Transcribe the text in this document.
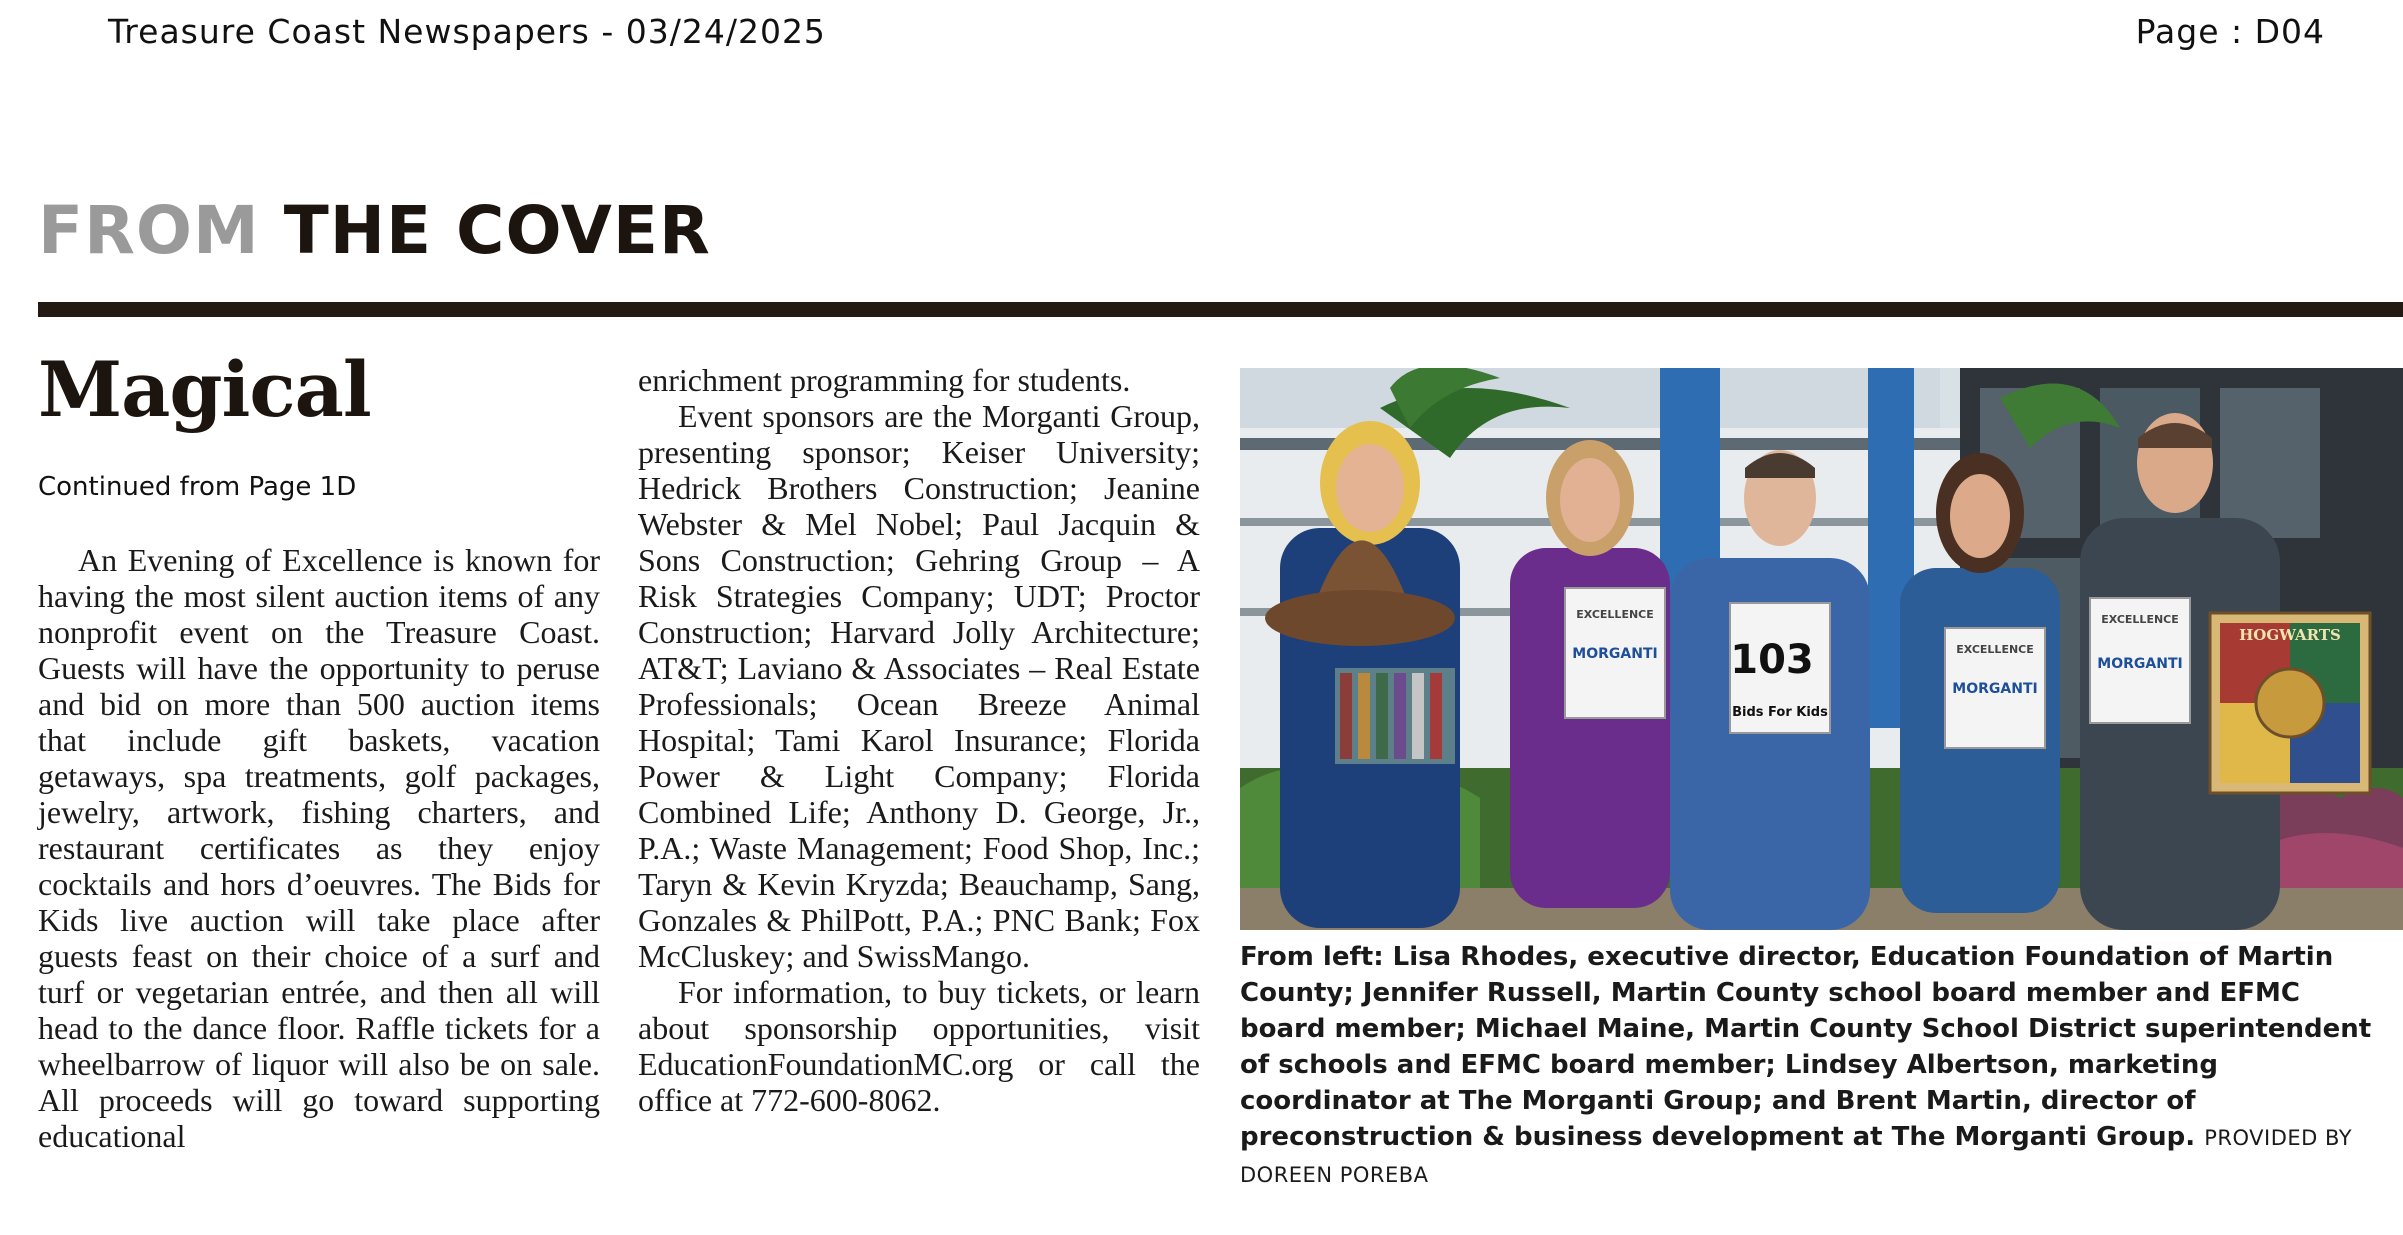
Treasure Coast Newspapers - 03/24/2025	Page : D04
FROM THE COVER
Magical
Continued from Page 1D

An Evening of Excellence is known for having the most silent auction items of any nonprofit event on the Treasure Coast. Guests will have the opportunity to peruse and bid on more than 500 auction items that include gift baskets, vacation getaways, spa treatments, golf packages, jewelry, artwork, fishing charters, and restaurant certificates as they enjoy cocktails and hors d’oeuvres. The Bids for Kids live auction will take place after guests feast on their choice of a surf and turf or vegetarian entrée, and then all will head to the dance floor. Raffle tickets for a wheelbarrow of liquor will also be on sale. All proceeds will go toward supporting educational

enrichment programming for students.

Event sponsors are the Morganti Group, presenting sponsor; Keiser University; Hedrick Brothers Construction; Jeanine Webster & Mel Nobel; Paul Jacquin & Sons Construction; Gehring Group – A Risk Strategies Company; UDT; Proctor Construction; Harvard Jolly Architecture; AT&T; Laviano & Associates – Real Estate Professionals; Ocean Breeze Animal Hospital; Tami Karol Insurance; Florida Power & Light Company; Florida Combined Life; Anthony D. George, Jr., P.A.; Waste Management; Food Shop, Inc.; Taryn & Kevin Kryzda; Beauchamp, Sang, Gonzales & PhilPott, P.A.; PNC Bank; Fox McCluskey; and SwissMango.

For information, to buy tickets, or learn about sponsorship opportunities, visit EducationFoundationMC.org or call the office at 772-600-8062.

EXCELLENCE
MORGANTI 103
Bids For Kids
EXCELLENCE
MORGANTI
EXCELLENCE
MORGANTI
HOGWARTS
From left: Lisa Rhodes, executive director, Education Foundation of Martin County; Jennifer Russell, Martin County school board member and EFMC board member; Michael Maine, Martin County School District superintendent of schools and EFMC board member; Lindsey Albertson, marketing coordinator at The Morganti Group; and Brent Martin, director of preconstruction & business development at The Morganti Group. PROVIDED BY DOREEN POREBA
